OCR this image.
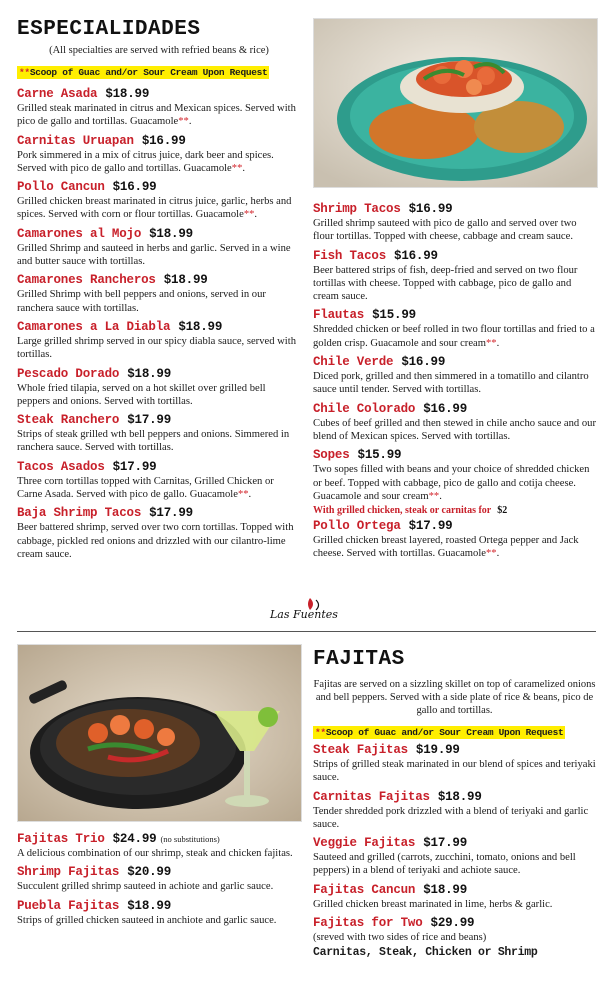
ESPECIALIDADES
(All specialties are served with refried beans & rice)
**Scoop of Guac and/or Sour Cream Upon Request
Carne Asada $18.99
Grilled steak marinated in citrus and Mexican spices. Served with pico de gallo and tortillas. Guacamole**.
Carnitas Uruapan $16.99
Pork simmered in a mix of citrus juice, dark beer and spices. Served with pico de gallo and tortillas. Guacamole**.
Pollo Cancun $16.99
Grilled chicken breast marinated in citrus juice, garlic, herbs and spices. Served with corn or flour tortillas. Guacamole**.
Camarones al Mojo $18.99
Grilled Shrimp and sauteed in herbs and garlic. Served in a wine and butter sauce with tortillas.
Camarones Rancheros $18.99
Grilled Shrimp with bell peppers and onions, served in our ranchera sauce with tortillas.
Camarones a La Diabla $18.99
Large grilled shrimp served in our spicy diabla sauce, served with tortillas.
Pescado Dorado $18.99
Whole fried tilapia, served on a hot skillet over grilled bell peppers and onions. Served with tortillas.
Steak Ranchero $17.99
Strips of steak grilled wth bell peppers and onions. Simmered in ranchera sauce. Served with tortillas.
Tacos Asados $17.99
Three corn tortillas topped with Carnitas, Grilled Chicken or Carne Asada. Served with pico de gallo. Guacamole**.
Baja Shrimp Tacos $17.99
Beer battered shrimp, served over two corn tortillas. Topped with cabbage, pickled red onions and drizzled with our cilantro-lime cream sauce.
Shrimp Tacos $16.99
Grilled shrimp sauteed with pico de gallo and served over two flour tortillas. Topped with cheese, cabbage and cream sauce.
Fish Tacos $16.99
Beer battered strips of fish, deep-fried and served on two flour tortillas with cheese. Topped with cabbage, pico de gallo and cream sauce.
Flautas $15.99
Shredded chicken or beef rolled in two flour tortillas and fried to a golden crisp. Guacamole and sour cream**.
Chile Verde $16.99
Diced pork, grilled and then simmered in a tomatillo and cilantro sauce until tender. Served with tortillas.
Chile Colorado $16.99
Cubes of beef grilled and then stewed in chile ancho sauce and our blend of Mexican spices. Served with tortillas.
Sopes $15.99
Two sopes filled with beans and your choice of shredded chicken or beef. Topped with cabbage, pico de gallo and cotija cheese. Guacamole and sour cream**.
With grilled chicken, steak or carnitas for $2
Pollo Ortega $17.99
Grilled chicken breast layered, roasted Ortega pepper and Jack cheese. Served with tortillas. Guacamole**.
Las Fuentes
FAJITAS
Fajitas are served on a sizzling skillet on top of caramelized onions and bell peppers. Served with a side plate of rice & beans, pico de gallo and tortillas.
**Scoop of Guac and/or Sour Cream Upon Request
Fajitas Trio $24.99 (no substitutions)
A delicious combination of our shrimp, steak and chicken fajitas.
Shrimp Fajitas $20.99
Succulent grilled shrimp sauteed in achiote and garlic sauce.
Puebla Fajitas $18.99
Strips of grilled chicken sauteed in anchiote and garlic sauce.
Steak Fajitas $19.99
Strips of grilled steak marinated in our blend of spices and teriyaki sauce.
Carnitas Fajitas $18.99
Tender shredded pork drizzled with a blend of teriyaki and garlic sauce.
Veggie Fajitas $17.99
Sauteed and grilled (carrots, zucchini, tomato, onions and bell peppers) in a blend of teriyaki and achiote sauce.
Fajitas Cancun $18.99
Grilled chicken breast marinated in lime, herbs & garlic.
Fajitas for Two $29.99
(sreved with two sides of rice and beans)
Carnitas, Steak, Chicken or Shrimp
